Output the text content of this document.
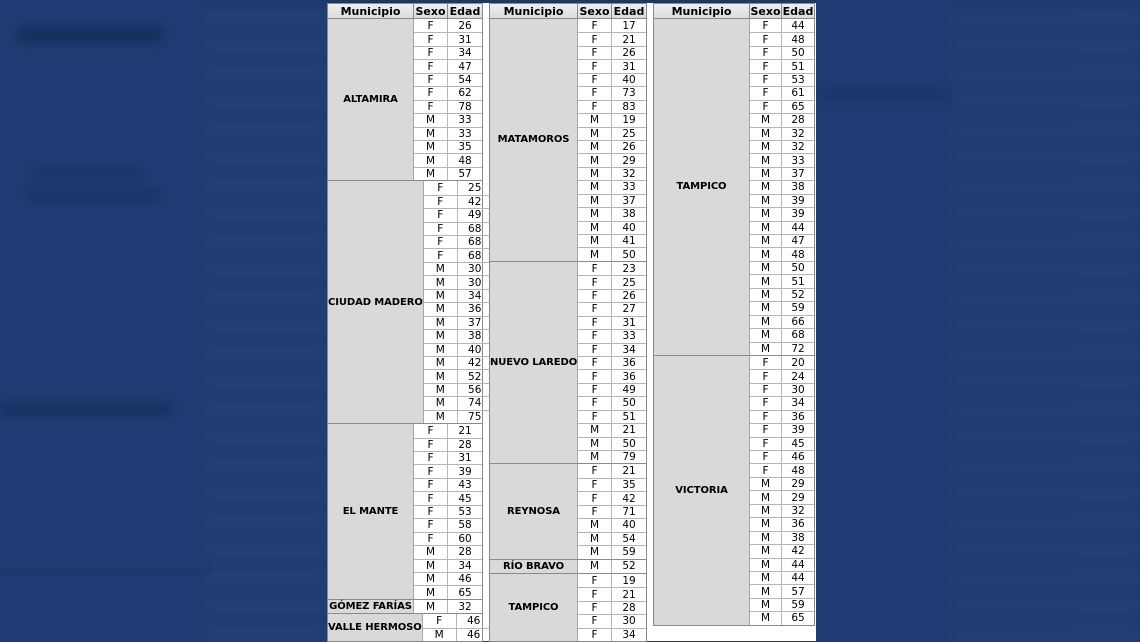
Municipio	Sexo Edad
ALTAMIRA
F	26
F	31
F	34
F	47
F	54
F	62
F	78
M	33
M	33
M	35
M	48
M	57
CIUDAD MADERO
F	25
F	42
F	49
F	68
F	68
F	68
M	30
M	30
M	34
M	36
M	37
M	38
M	40
M	42
M	52
M	56
M	74
M	75
EL MANTE
F	21
F	28
F	31
F	39
F	43
F	45
F	53
F	58
F	60
M	28
M	34
M	46
M	65
GÓMEZ FARÍAS	M	32
VALLE HERMOSO
F	46
M	46
Municipio	Sexo Edad
MATAMOROS
F	17
F	21
F	26
F	31
F	40
F	73
F	83
M	19
M	25
M	26
M	29
M	32
M	33
M	37
M	38
M	40
M	41
M	50
NUEVO LAREDO
F	23
F	25
F	26
F	27
F	31
F	33
F	34
F	36
F	36
F	49
F	50
F	51
M	21
M	50
M	79
REYNOSA
F	21
F	35
F	42
F	71
M	40
M	54
M	59
RÍO BRAVO	M	52
TAMPICO
F	19
F	21
F	28
F	30
F	34
Municipio	Sexo Edad
TAMPICO
F	44
F	48
F	50
F	51
F	53
F	61
F	65
M	28
M	32
M	32
M	33
M	37
M	38
M	39
M	39
M	44
M	47
M	48
M	50
M	51
M	52
M	59
M	66
M	68
M	72
VICTORIA
F	20
F	24
F	30
F	34
F	36
F	39
F	45
F	46
F	48
M	29
M	29
M	32
M	36
M	38
M	42
M	44
M	44
M	57
M	59
M	65
